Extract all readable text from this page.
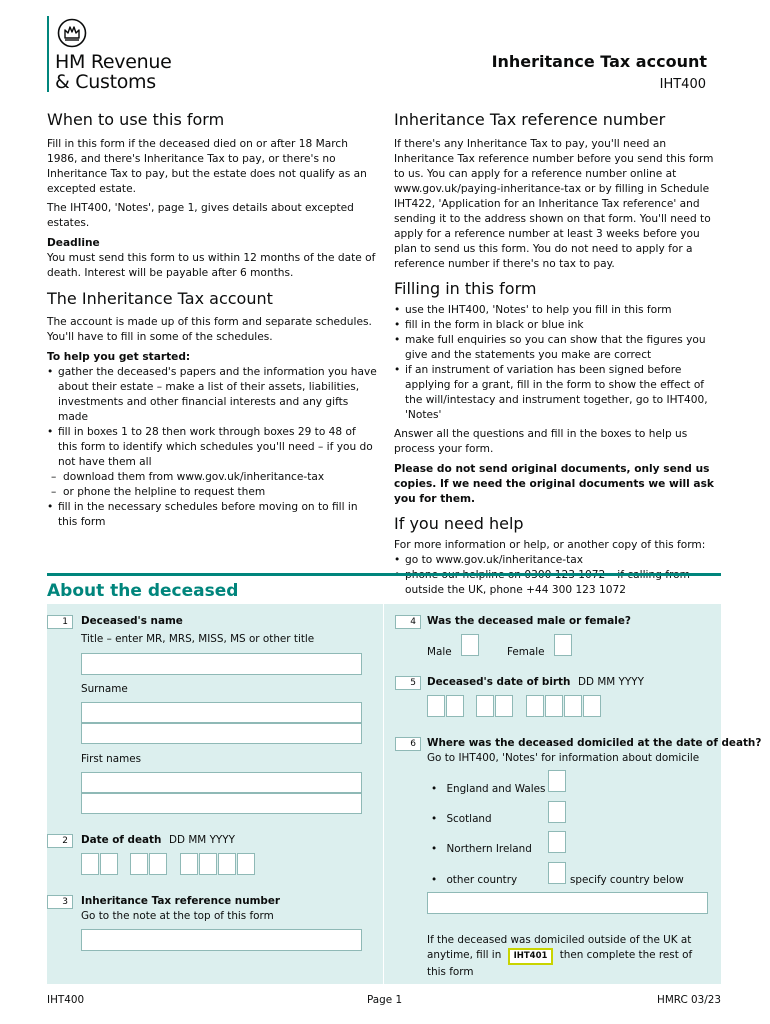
HM Revenue
& Customs
Inheritance Tax account
IHT400
When to use this form

Fill in this form if the deceased died on or after 18 March 1986, and there's Inheritance Tax to pay, or there's no Inheritance Tax to pay, but the estate does not qualify as an excepted estate.

The IHT400, 'Notes', page 1, gives details about excepted estates.

Deadline

You must send this form to us within 12 months of the date of death. Interest will be payable after 6 months.

The Inheritance Tax account

The account is made up of this form and separate schedules. You'll have to fill in some of the schedules.

To help you get started:

• gather the deceased's papers and the information you have about their estate – make a list of their assets, liabilities, investments and other financial interests and any gifts made
• fill in boxes 1 to 28 then work through boxes 29 to 48 of this form to identify which schedules you'll need – if you do not have them all
– download them from www.gov.uk/inheritance-tax
– or phone the helpline to request them
• fill in the necessary schedules before moving on to fill in this form
Inheritance Tax reference number

If there's any Inheritance Tax to pay, you'll need an Inheritance Tax reference number before you send this form to us. You can apply for a reference number online at www.gov.uk/paying-inheritance-tax or by filling in Schedule IHT422, 'Application for an Inheritance Tax reference' and sending it to the address shown on that form. You'll need to apply for a reference number at least 3 weeks before you plan to send us this form. You do not need to apply for a reference number if there's no tax to pay.

Filling in this form
• use the IHT400, 'Notes' to help you fill in this form
• fill in the form in black or blue ink
• make full enquiries so you can show that the figures you give and the statements you make are correct
• if an instrument of variation has been signed before applying for a grant, fill in the form to show the effect of the will/intestacy and instrument together, go to IHT400, 'Notes'

Answer all the questions and fill in the boxes to help us process your form.

Please do not send original documents, only send us copies. If we need the original documents we will ask you for them.

If you need help

For more information or help, or another copy of this form:

• go to www.gov.uk/inheritance-tax
• outside the UK, phone +44 300 123 1072
About the deceased
1	Deceased's name
Title – enter MR, MRS, MISS, MS or other title
Surname
First names
2	Date of death DD MM YYYY
3	Inheritance Tax reference number
Go to the note at the top of this form
4	Was the deceased male or female?
Male	Female
5	Deceased's date of birth DD MM YYYY
6	Where was the deceased domiciled at the date of death?
Go to IHT400, 'Notes' for information about domicile
• England and Wales
• Scotland
• Northern Ireland
• other country	specify country below
If the deceased was domiciled outside of the UK at anytime, fill in IHT401 then complete the rest of this form
IHT400	Page 1	HMRC 03/23
